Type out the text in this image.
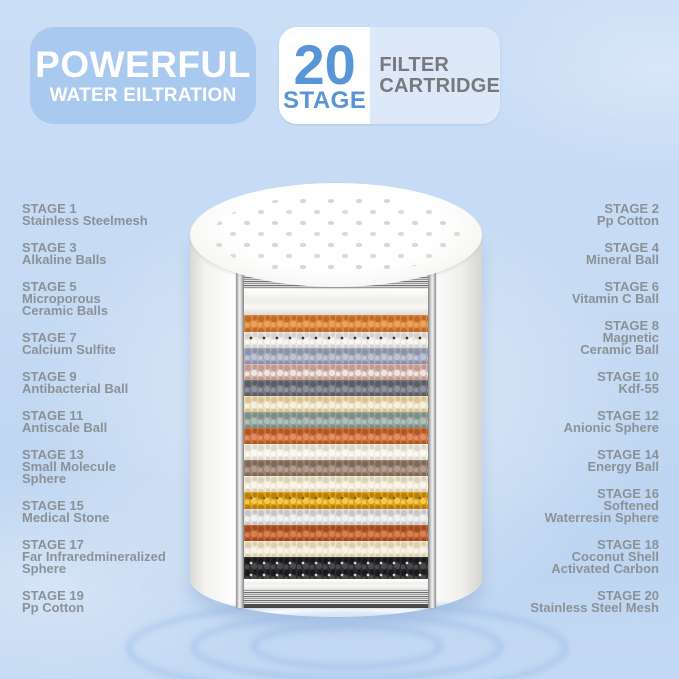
POWERFUL
WATER EILTRATION 20
STAGE
FILTER
CARTRIDGE
STAGE 1
Stainless Steelmesh
STAGE 3
Alkaline Balls
STAGE 5
Microporous
Ceramic Balls
STAGE 7
Calcium Sulfite
STAGE 9
Antibacterial Ball
STAGE 11
Antiscale Ball
STAGE 13
Small Molecule
Sphere
STAGE 15
Medical Stone
STAGE 17
Far Infraredmineralized
Sphere
STAGE 19
Pp Cotton
STAGE 2
Pp Cotton
STAGE 4
Mineral Ball
STAGE 6
Vitamin C Ball
STAGE 8
Magnetic
Ceramic Ball
STAGE 10
Kdf-55
STAGE 12
Anionic Sphere
STAGE 14
Energy Ball
STAGE 16
Softened
Waterresin Sphere
STAGE 18
Coconut Shell
Activated Carbon
STAGE 20
Stainless Steel Mesh
